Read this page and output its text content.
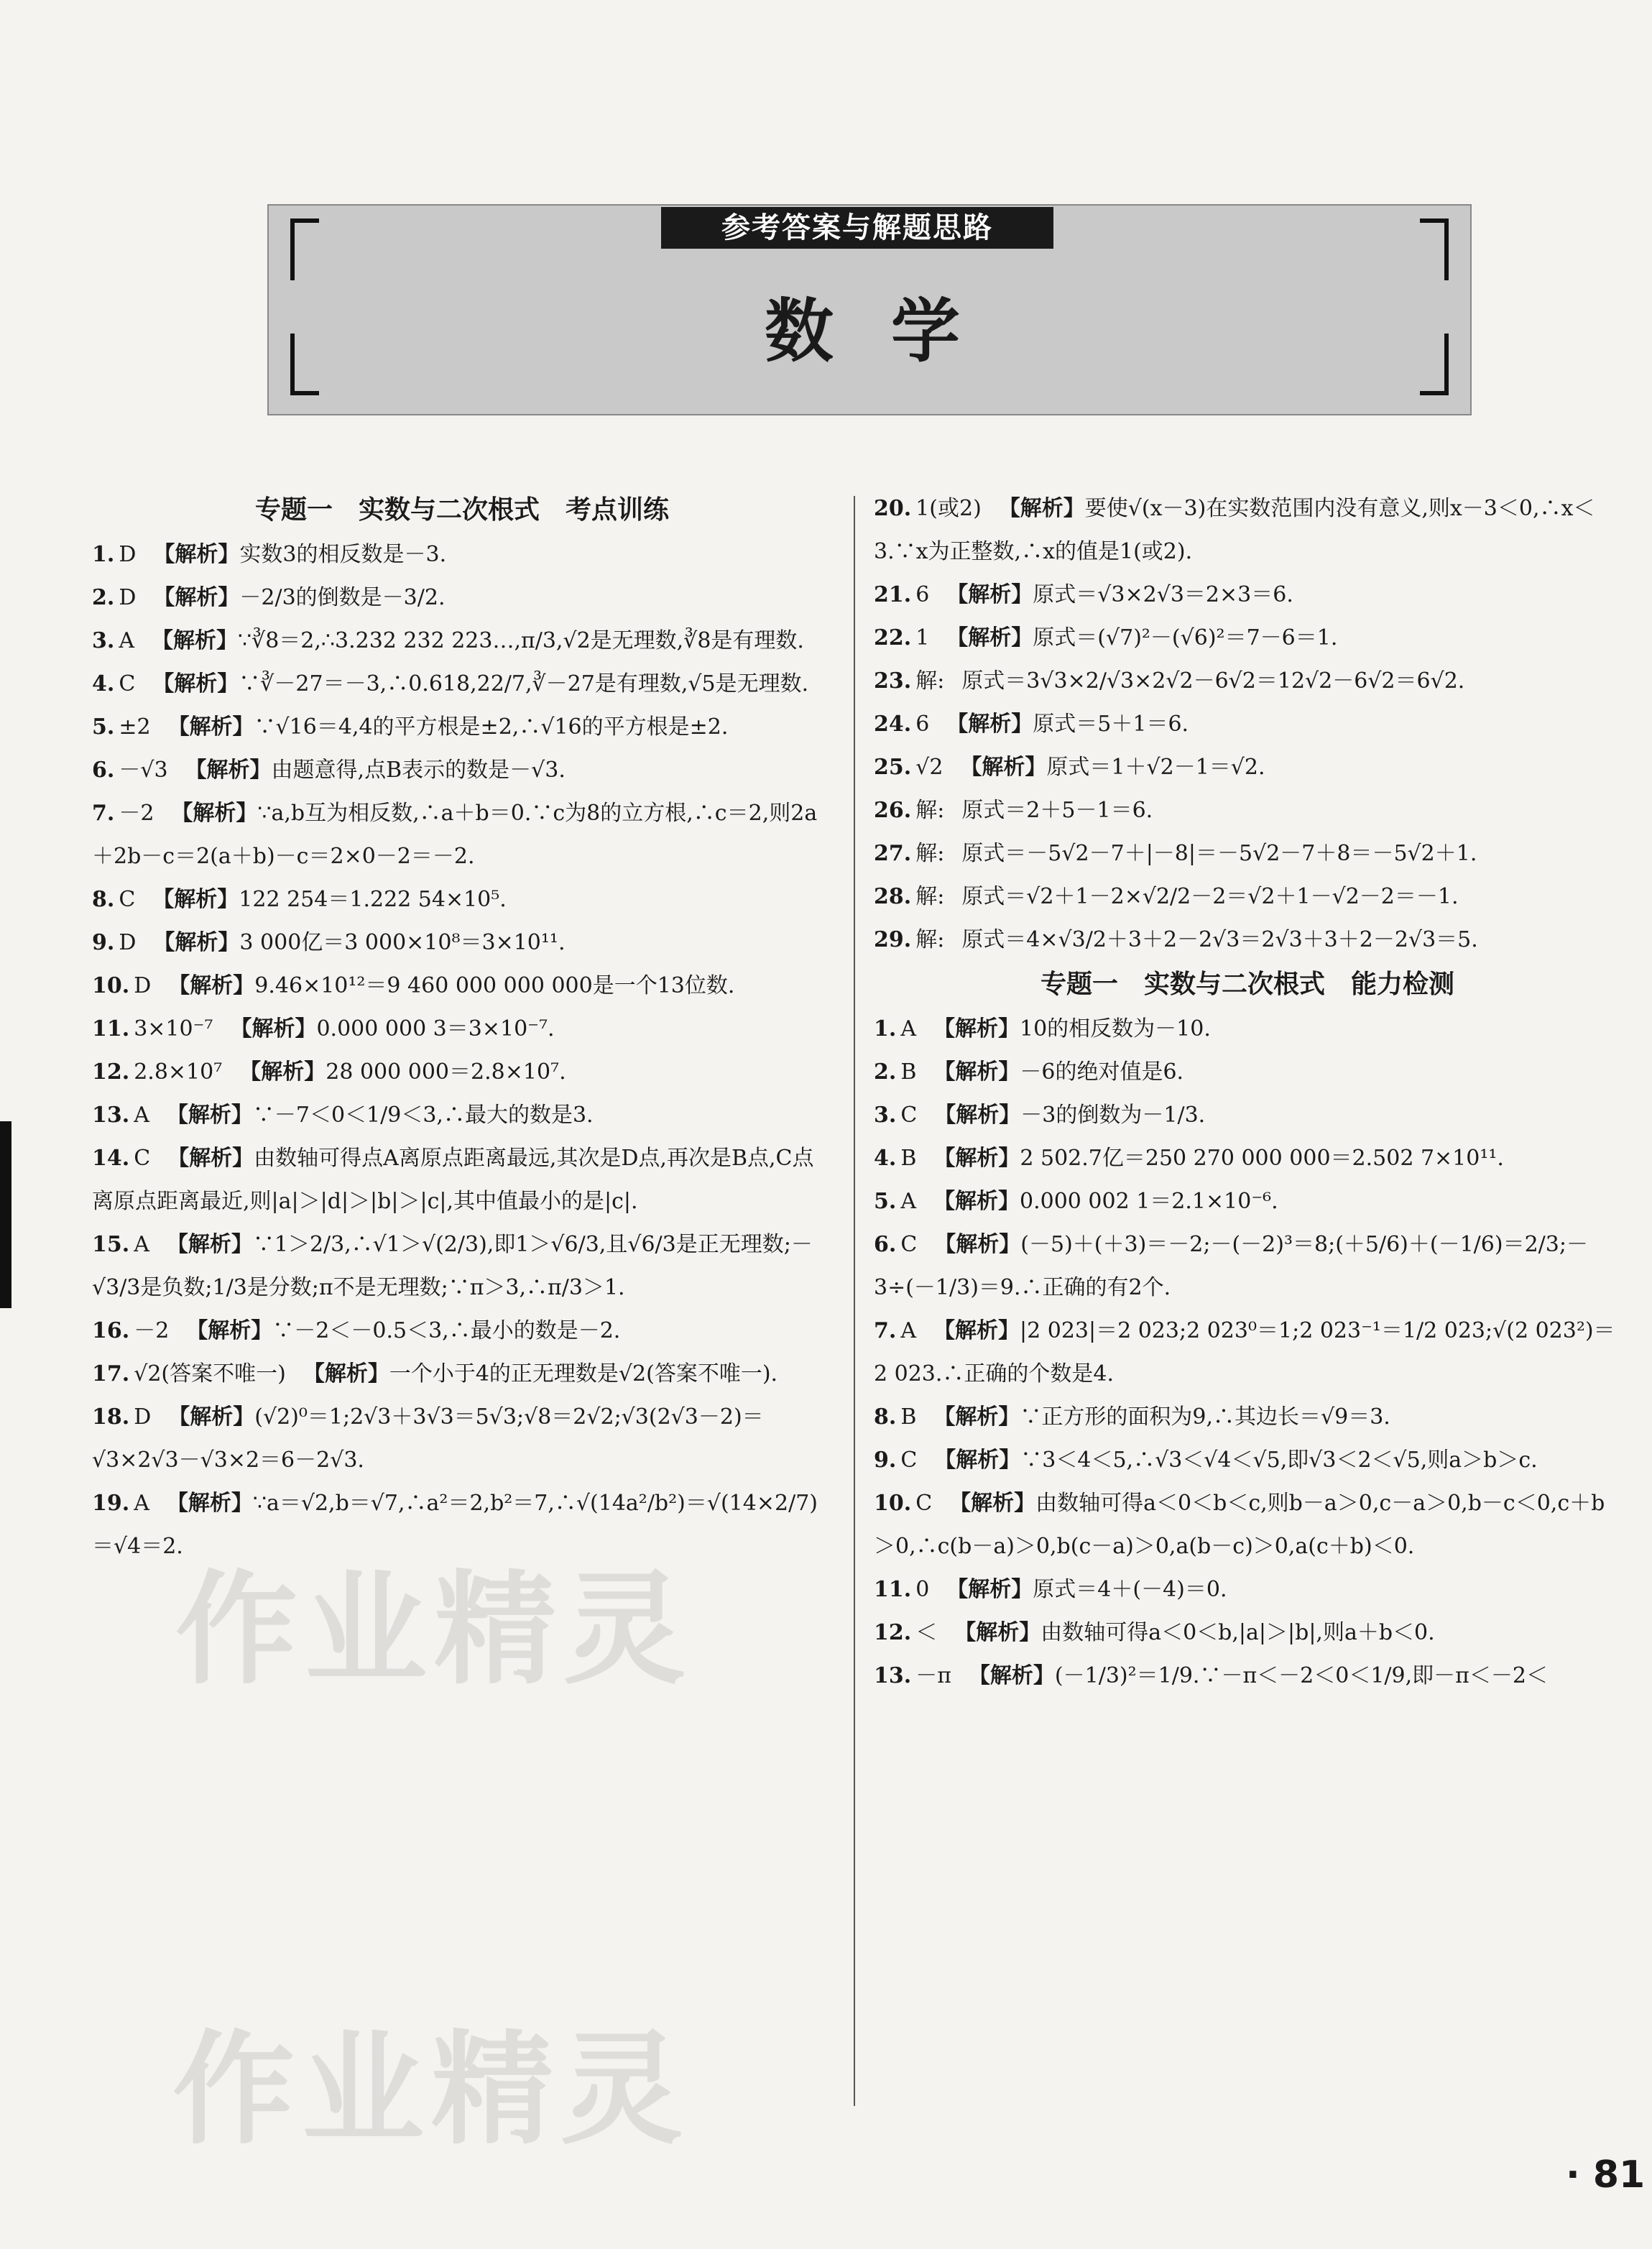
参考答案与解题思路
数学
专题一　实数与二次根式　考点训练
1. D 【解析】实数3的相反数是－3.
2. D 【解析】－2/3的倒数是－3/2.
3. A 【解析】∵∛8＝2,∴3.232 232 223…,π/3,√2是无理数,∛8是有理数.
4. C 【解析】∵∛－27＝－3,∴0.618,22/7,∛－27是有理数,√5是无理数.
5. ±2 【解析】∵√16＝4,4的平方根是±2,∴√16的平方根是±2.
6. －√3 【解析】由题意得,点B表示的数是－√3.
7. －2 【解析】∵a,b互为相反数,∴a＋b＝0.∵c为8的立方根,∴c＝2,则2a＋2b－c＝2(a＋b)－c＝2×0－2＝－2.
8. C 【解析】122 254＝1.222 54×10⁵.
9. D 【解析】3 000亿＝3 000×10⁸＝3×10¹¹.
10. D 【解析】9.46×10¹²＝9 460 000 000 000是一个13位数.
11. 3×10⁻⁷ 【解析】0.000 000 3＝3×10⁻⁷.
12. 2.8×10⁷ 【解析】28 000 000＝2.8×10⁷.
13. A 【解析】∵－7＜0＜1/9＜3,∴最大的数是3.
14. C 【解析】由数轴可得点A离原点距离最远,其次是D点,再次是B点,C点离原点距离最近,则|a|＞|d|＞|b|＞|c|,其中值最小的是|c|.
15. A 【解析】∵1＞2/3,∴√1＞√(2/3),即1＞√6/3,且√6/3是正无理数;－√3/3是负数;1/3是分数;π不是无理数;∵π＞3,∴π/3＞1.
16. －2 【解析】∵－2＜－0.5＜3,∴最小的数是－2.
17. √2(答案不唯一) 【解析】一个小于4的正无理数是√2(答案不唯一).
18. D 【解析】(√2)⁰＝1;2√3＋3√3＝5√3;√8＝2√2;√3(2√3－2)＝√3×2√3－√3×2＝6－2√3.
19. A 【解析】∵a＝√2,b＝√7,∴a²＝2,b²＝7,∴√(14a²/b²)＝√(14×2/7)＝√4＝2.
20. 1(或2) 【解析】要使√(x－3)在实数范围内没有意义,则x－3＜0,∴x＜3.∵x为正整数,∴x的值是1(或2).
21. 6 【解析】原式＝√3×2√3＝2×3＝6.
22. 1 【解析】原式＝(√7)²－(√6)²＝7－6＝1.
23. 解: 原式＝3√3×2/√3×2√2－6√2＝12√2－6√2＝6√2.
24. 6 【解析】原式＝5＋1＝6.
25. √2 【解析】原式＝1＋√2－1＝√2.
26. 解: 原式＝2＋5－1＝6.
27. 解: 原式＝－5√2－7＋|－8|＝－5√2－7＋8＝－5√2＋1.
28. 解: 原式＝√2＋1－2×√2/2－2＝√2＋1－√2－2＝－1.
29. 解: 原式＝4×√3/2＋3＋2－2√3＝2√3＋3＋2－2√3＝5.
专题一　实数与二次根式　能力检测
1. A 【解析】10的相反数为－10.
2. B 【解析】－6的绝对值是6.
3. C 【解析】－3的倒数为－1/3.
4. B 【解析】2 502.7亿＝250 270 000 000＝2.502 7×10¹¹.
5. A 【解析】0.000 002 1＝2.1×10⁻⁶.
6. C 【解析】(－5)＋(＋3)＝－2;－(－2)³＝8;(＋5/6)＋(－1/6)＝2/3;－3÷(－1/3)＝9.∴正确的有2个.
7. A 【解析】|2 023|＝2 023;2 023⁰＝1;2 023⁻¹＝1/2 023;√(2 023²)＝2 023.∴正确的个数是4.
8. B 【解析】∵正方形的面积为9,∴其边长＝√9＝3.
9. C 【解析】∵3＜4＜5,∴√3＜√4＜√5,即√3＜2＜√5,则a＞b＞c.
10. C 【解析】由数轴可得a＜0＜b＜c,则b－a＞0,c－a＞0,b－c＜0,c＋b＞0,∴c(b－a)＞0,b(c－a)＞0,a(b－c)＞0,a(c＋b)＜0.
11. 0 【解析】原式＝4＋(－4)＝0.
12. ＜ 【解析】由数轴可得a＜0＜b,|a|＞|b|,则a＋b＜0.
13. －π 【解析】(－1/3)²＝1/9.∵－π＜－2＜0＜1/9,即－π＜－2＜
作业精灵
作业精灵
· 81
